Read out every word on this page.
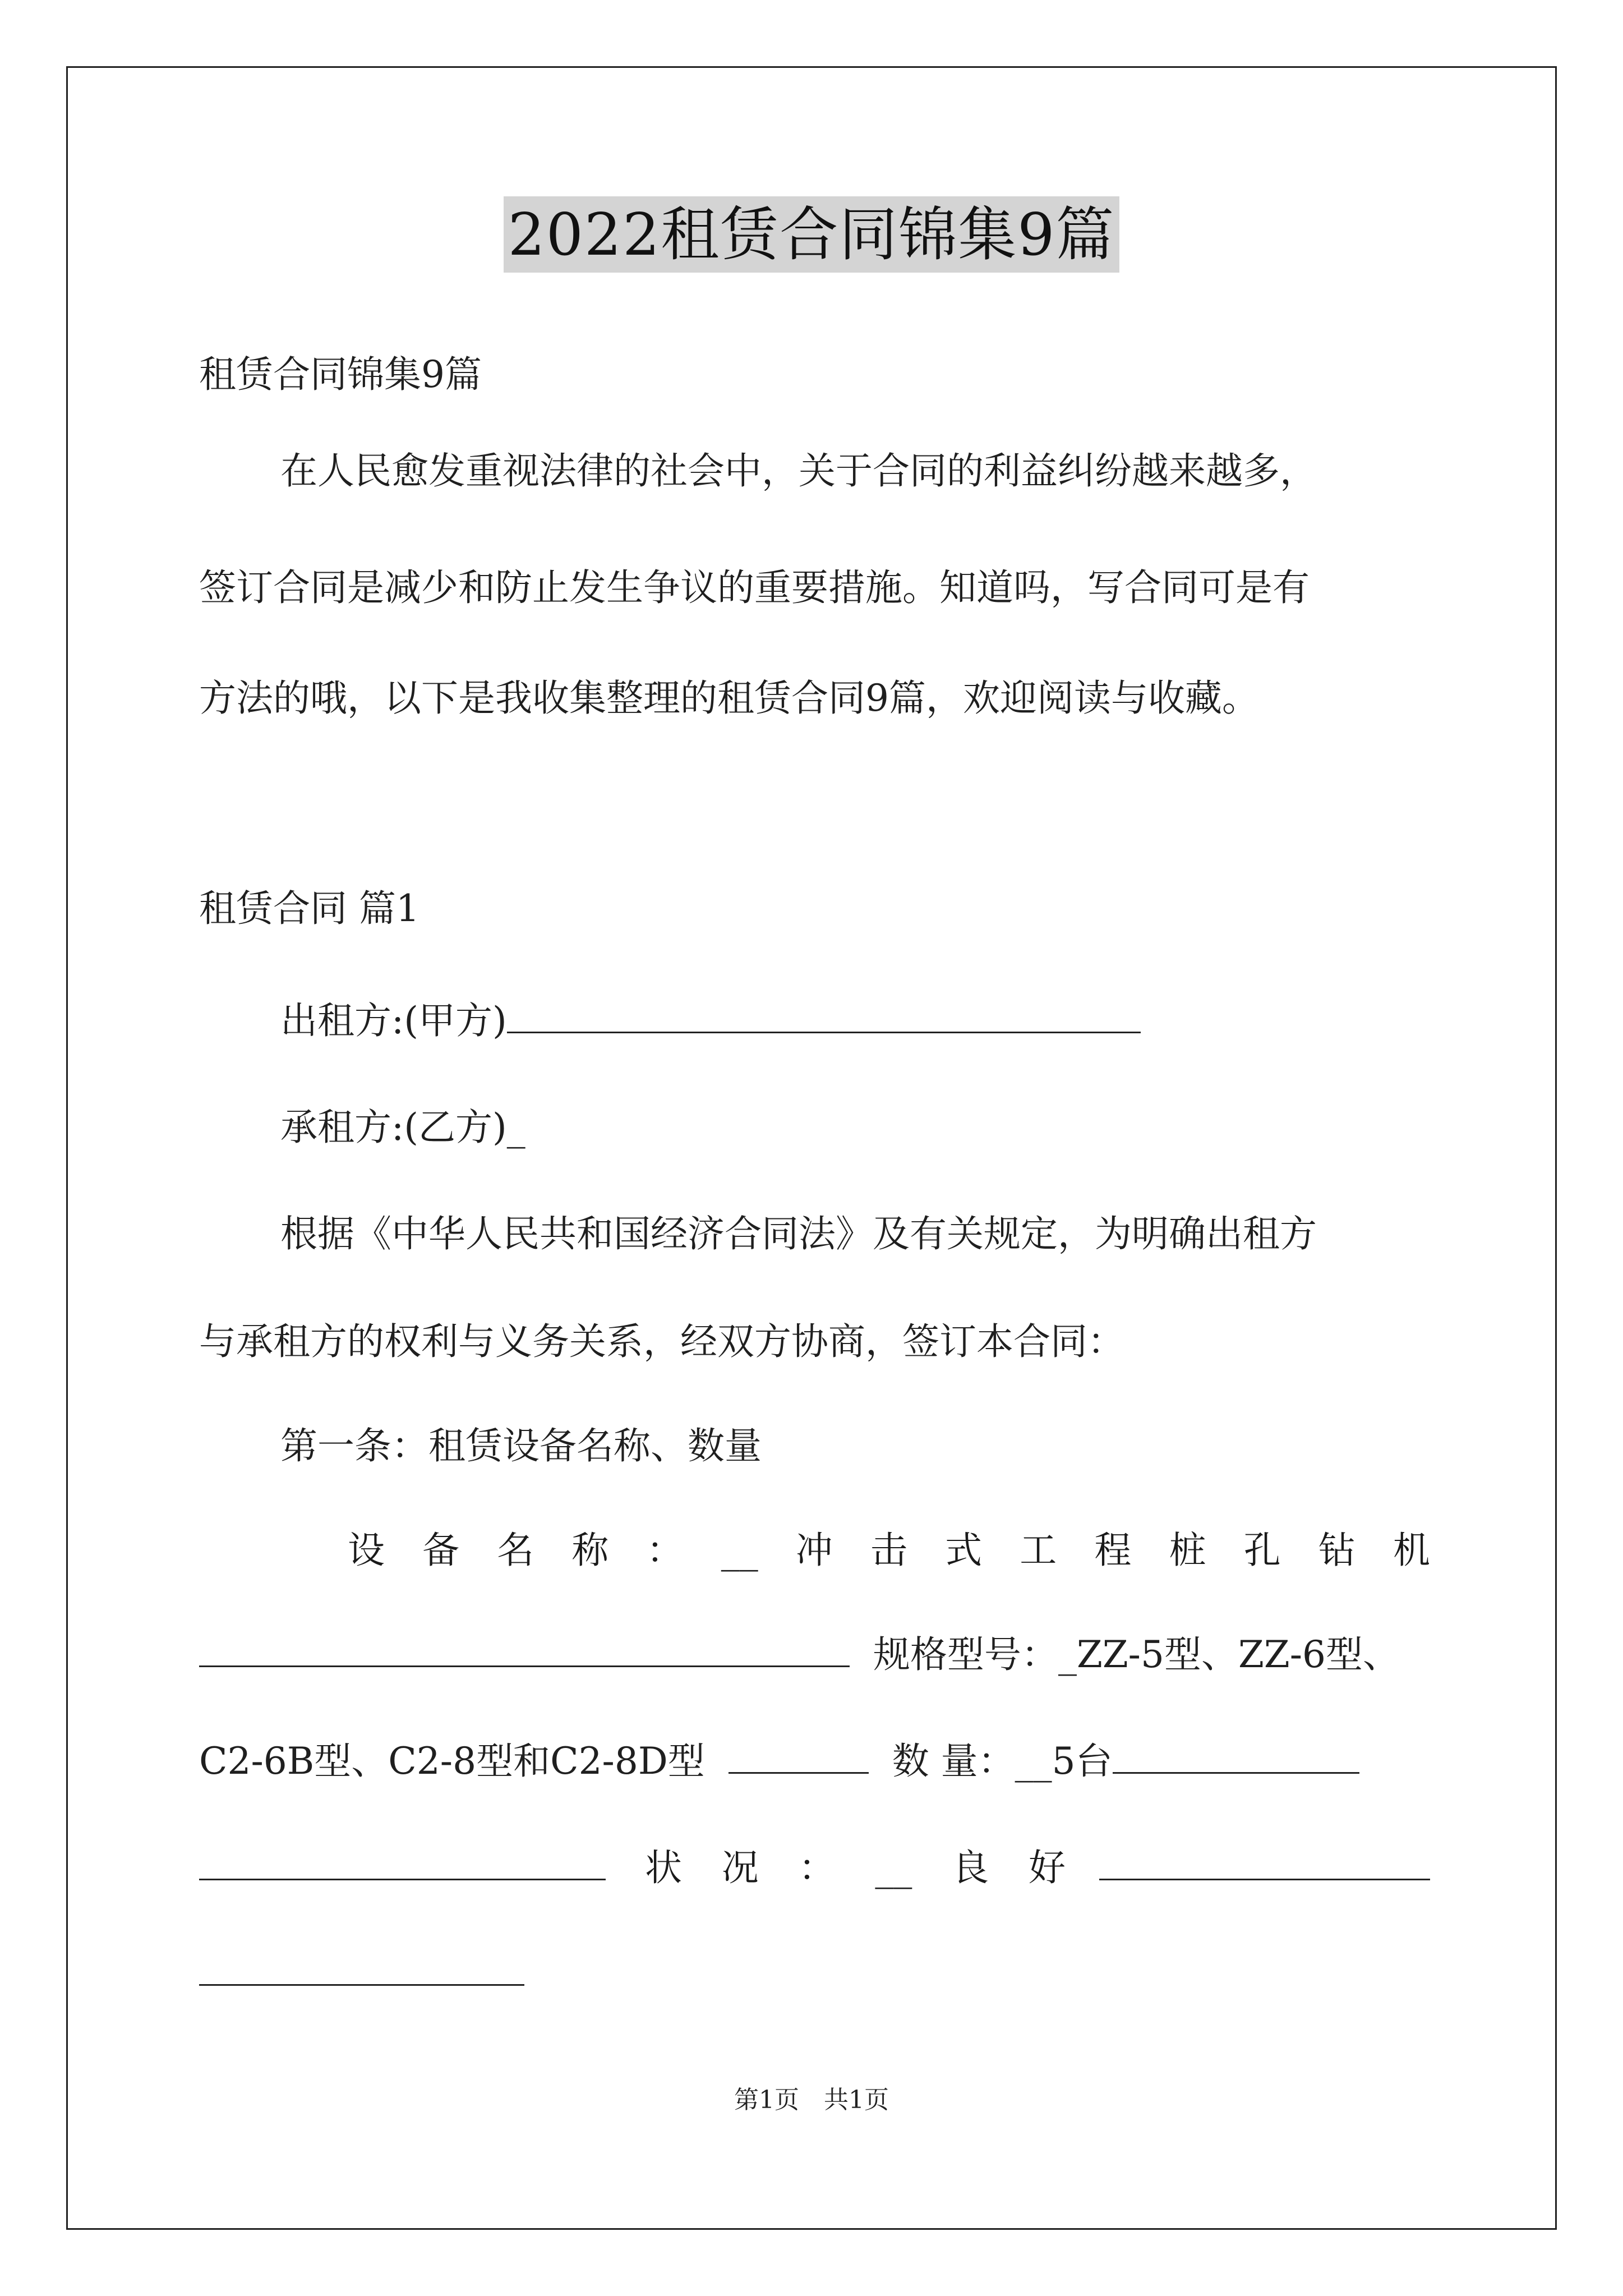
2022租赁合同锦集9篇
租赁合同锦集9篇
在人民愈发重视法律的社会中，关于合同的利益纠纷越来越多，
签订合同是减少和防止发生争议的重要措施。知道吗，写合同可是有
方法的哦，以下是我收集整理的租赁合同9篇，欢迎阅读与收藏。
租赁合同 篇1
出租方:(甲方)
承租方:(乙方)_
根据《中华人民共和国经济合同法》及有关规定，为明确出租方
与承租方的权利与义务关系，经双方协商，签订本合同：
第一条：租赁设备名称、数量
设 备 名 称 ： __ 冲 击 式 工 程 桩 孔 钻 机
规格型号：_ZZ-5型、ZZ-6型、
C2-6B型、C2-8型和C2-8D型	数 量：__5台
状 况 ： __ 良 好
第1页　共1页
